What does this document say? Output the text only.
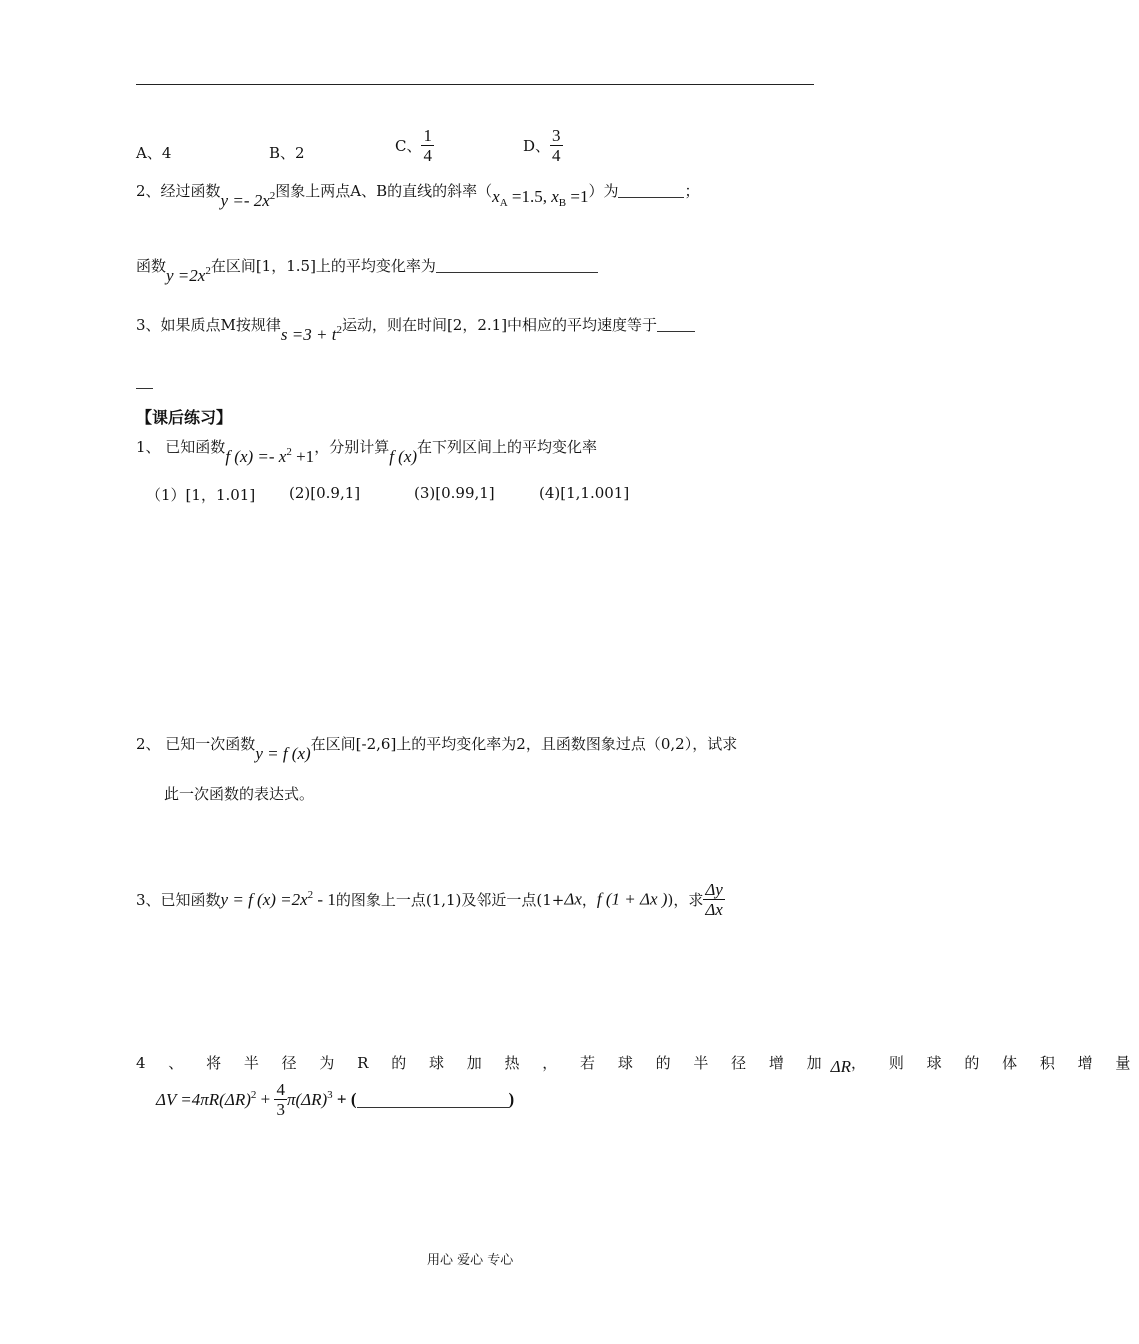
A、4	B、2	C、 $\frac{1}{4}$	D、 $\frac{3}{4}$
2、经过函数$y =- 2x^2$图象上两点A、B的直线的斜率（$x_A =1.5$, $x_B =1$）为	；
函数$y =2x^2$在区间[1，1.5]上的平均变化率为
3、如果质点M按规律$s =3 + t^2$运动，则在时间[2，2.1]中相应的平均速度等于
【课后练习】
1、 已知函数f $(x) =- x^2 +1$，分别计算f (x)在下列区间上的平均变化率
（1）[1，1.01] (2)[0.9,1]	(3)[0.99,1]	(4)[1,1.001]
2、 已知一次函数y = f (x)在区间[-2,6]上的平均变化率为2，且函数图象过点（0,2），试求
此一次函数的表达式。
3、已知函数y = f $(x) =2x^2 - 1$的图象上一点(1,1)及邻近一点(1+Δx，f (1 + Δx ))，求 $\frac{\Delta y}{\Delta x}$
4 、 将 半 径 为 R 的 球 加 热 ， 若 球 的 半 径 增 加ΔR， 则 球 的 体 积 增 量
$\Delta V =4\pi R(\Delta R)^2 + \frac{4}{3} \pi(\Delta R)^3$ + (	)
用心 爱心 专心
